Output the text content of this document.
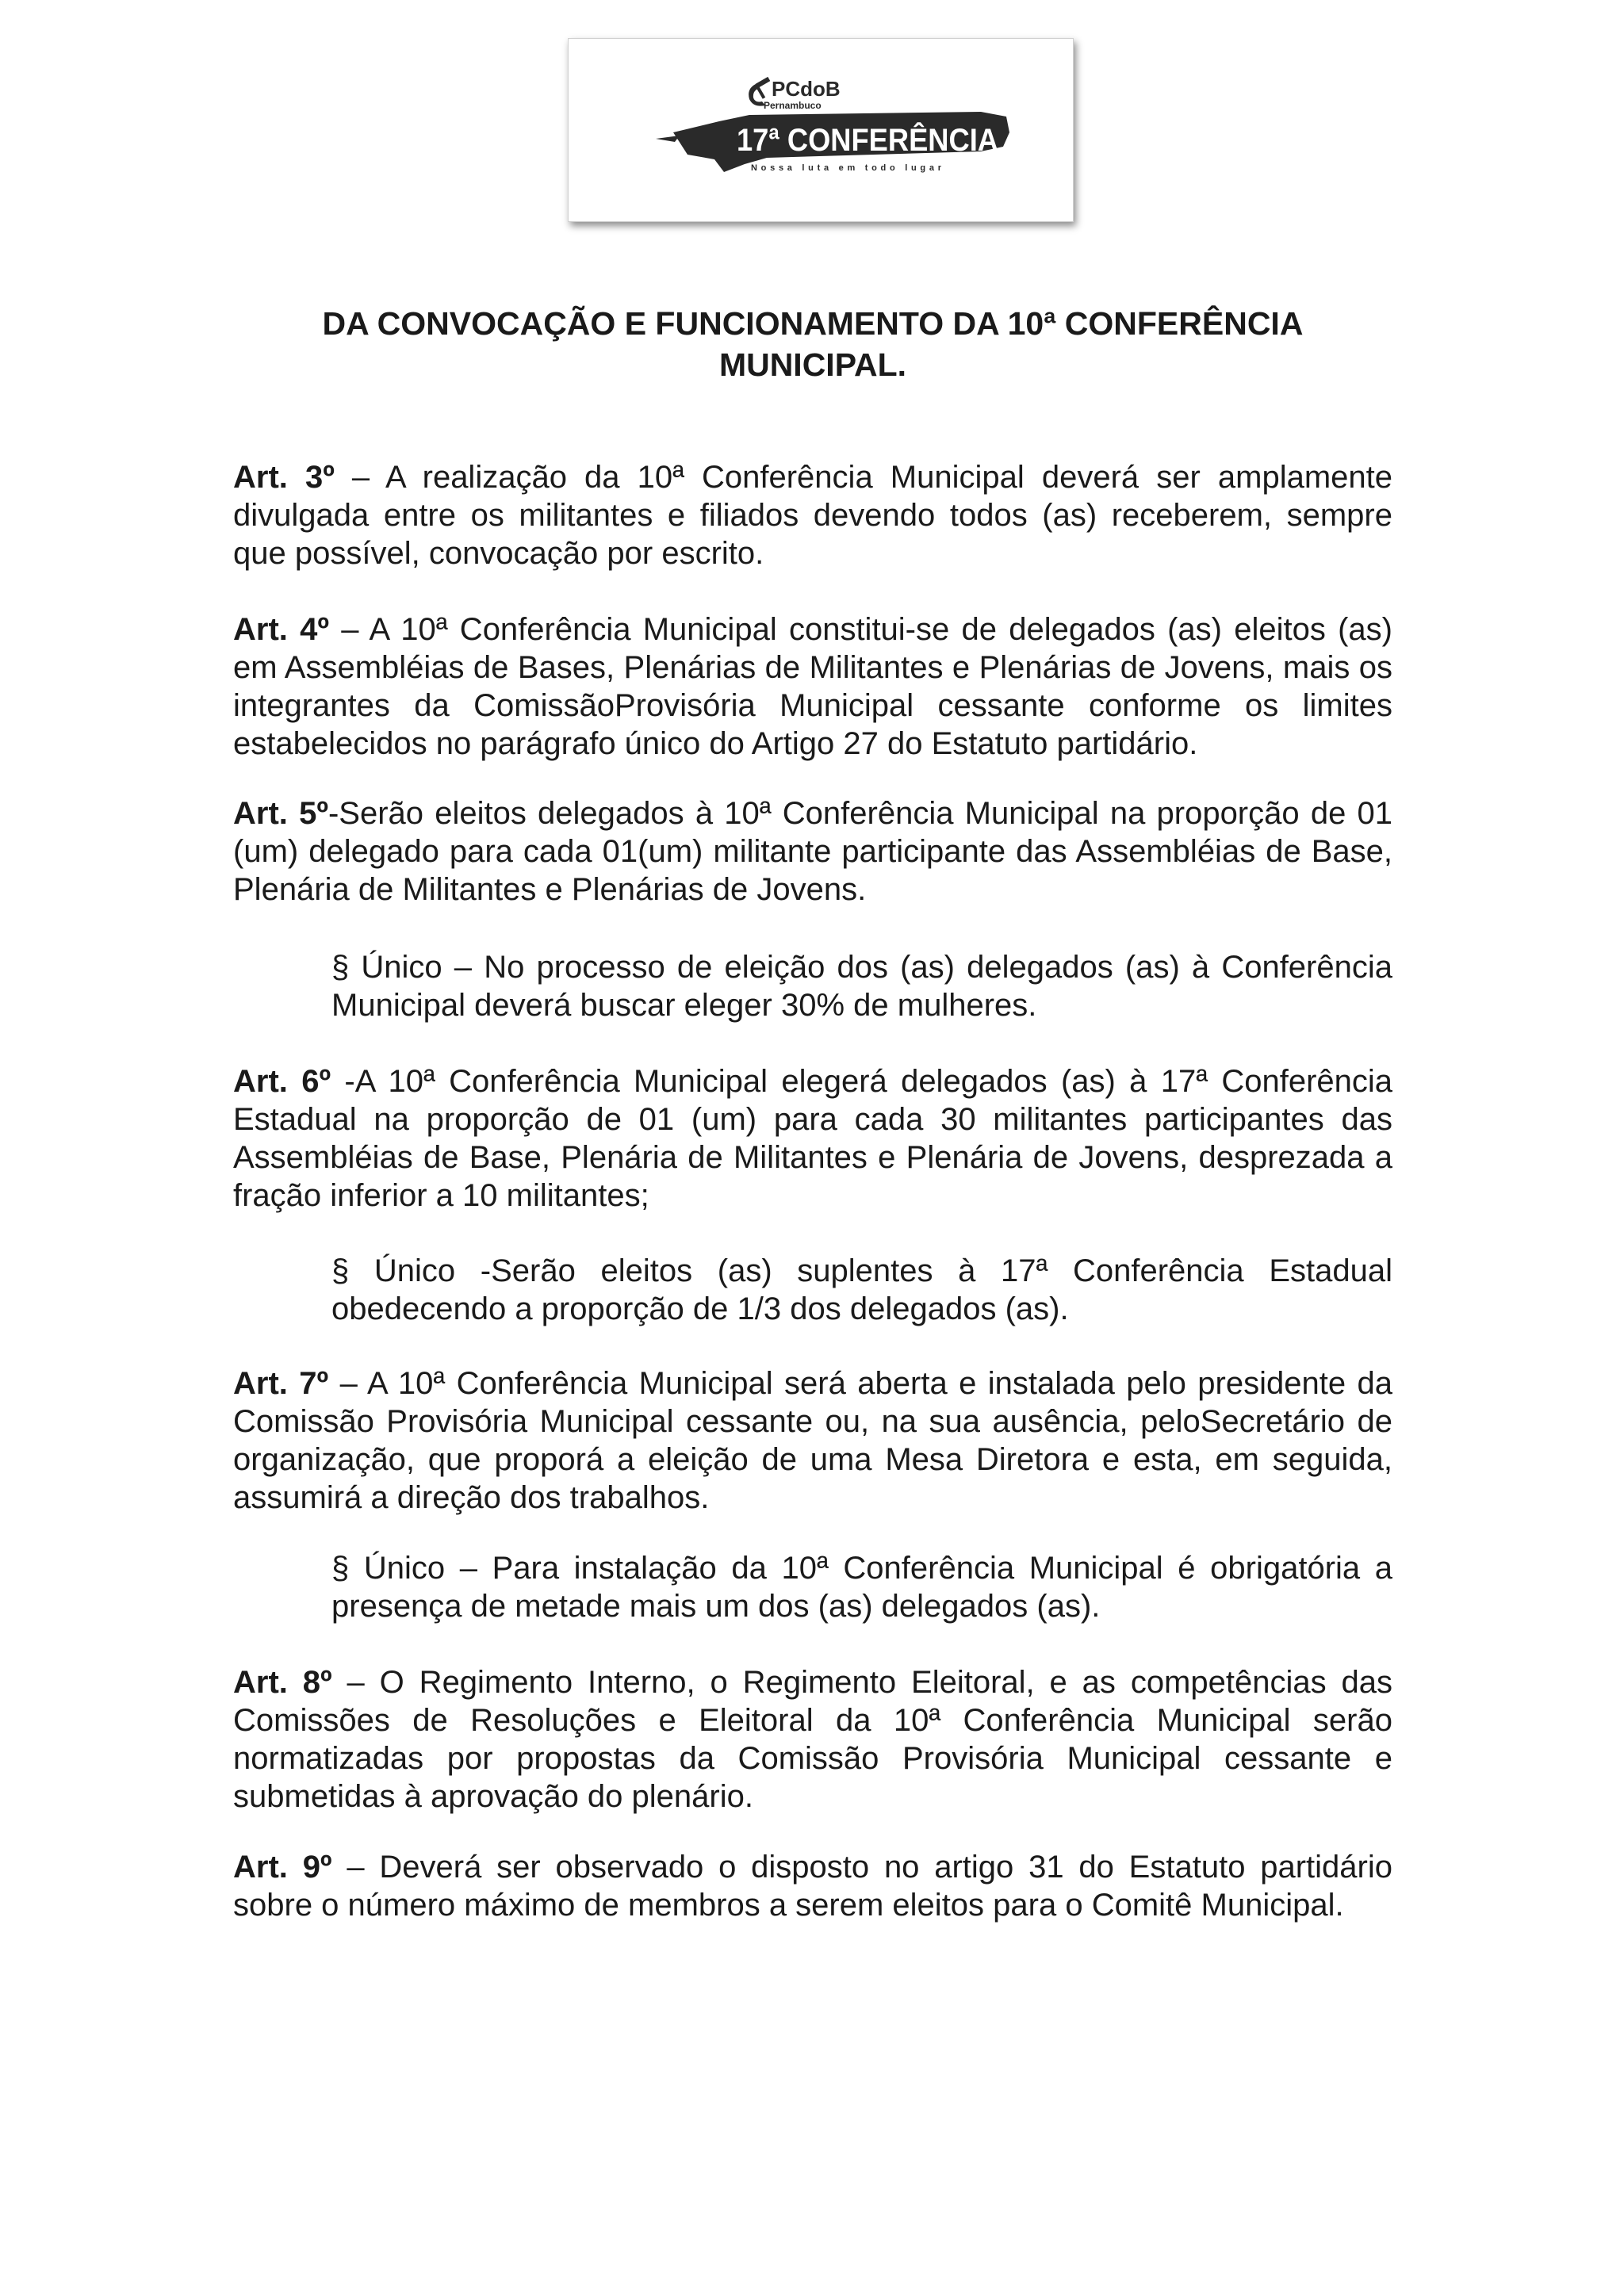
PCdoB
Pernambuco
17ª CONFERÊNCIA
Nossa luta em todo lugar
DA CONVOCAÇÃO E FUNCIONAMENTO DA 10ª CONFERÊNCIA MUNICIPAL.

Art. 3º – A realização da 10ª Conferência Municipal deverá ser amplamente divulgada entre os militantes e filiados devendo todos (as) receberem, sempre que possível, convocação por escrito.

Art. 4º – A 10ª Conferência Municipal constitui-se de delegados (as) eleitos (as) em Assembléias de Bases, Plenárias de Militantes e Plenárias de Jovens, mais os integrantes da ComissãoProvisória Municipal cessante conforme os limites estabelecidos no parágrafo único do Artigo 27 do Estatuto partidário.

Art. 5º-Serão eleitos delegados à 10ª Conferência Municipal na proporção de 01 (um) delegado para cada 01(um) militante participante das Assembléias de Base, Plenária de Militantes e Plenárias de Jovens.

§ Único – No processo de eleição dos (as) delegados (as) à Conferência Municipal deverá buscar eleger 30% de mulheres.

Art. 6º -A 10ª Conferência Municipal elegerá delegados (as) à 17ª Conferência Estadual na proporção de 01 (um) para cada 30 militantes participantes das Assembléias de Base, Plenária de Militantes e Plenária de Jovens, desprezada a fração inferior a 10 militantes;

§ Único -Serão eleitos (as) suplentes à 17ª Conferência Estadual obedecendo a proporção de 1/3 dos delegados (as).

Art. 7º – A 10ª Conferência Municipal será aberta e instalada pelo presidente da Comissão Provisória Municipal cessante ou, na sua ausência, peloSecretário de organização, que proporá a eleição de uma Mesa Diretora e esta, em seguida, assumirá a direção dos trabalhos.

§ Único – Para instalação da 10ª Conferência Municipal é obrigatória a presença de metade mais um dos (as) delegados (as).

Art. 8º – O Regimento Interno, o Regimento Eleitoral, e as competências das Comissões de Resoluções e Eleitoral da 10ª Conferência Municipal serão normatizadas por propostas da Comissão Provisória Municipal cessante e submetidas à aprovação do plenário.

Art. 9º – Deverá ser observado o disposto no artigo 31 do Estatuto partidário sobre o número máximo de membros a serem eleitos para o Comitê Municipal.
